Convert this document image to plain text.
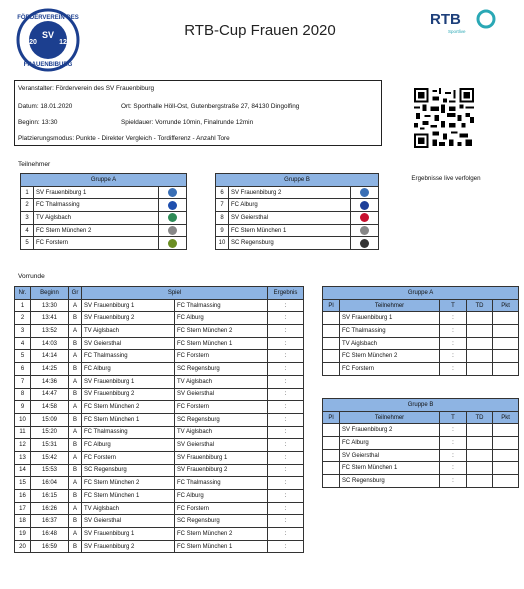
FÖRDERVEREIN DES
20
SV
12
FRAUENBIBURG
RTB-Cup Frauen 2020
RTB
Sportlive
Veranstalter: Förderverein des SV Frauenbiburg
Datum: 18.01.2020	Ort: Sporthalle Höll-Ost, Gutenbergstraße 27, 84130 Dingolfing
Beginn: 13:30	Spieldauer: Vorrunde 10min, Finalrunde 12min
Platzierungsmodus: Punkte - Direkter Vergleich - Tordifferenz - Anzahl Tore
Ergebnisse live verfolgen
Teilnehmer
Gruppe A		
1	SV Frauenbiburg 1	
2	FC Thalmassing	
3	TV Aiglsbach	
4	FC Stern München 2	
5	FC Forstern	
Gruppe B		
6	SV Frauenbiburg 2	
7	FC Alburg	
8	SV Geiersthal	
9	FC Stern München 1	
10	SC Regensburg	
Vorrunde
Nr.	Beginn	Gr	Spiel		Ergebnis
1	13:30	A	SV Frauenbiburg 1	FC Thalmassing	:
2	13:41	B	SV Frauenbiburg 2	FC Alburg	:
3	13:52	A	TV Aiglsbach	FC Stern München 2	:
4	14:03	B	SV Geiersthal	FC Stern München 1	:
5	14:14	A	FC Thalmassing	FC Forstern	:
6	14:25	B	FC Alburg	SC Regensburg	:
7	14:36	A	SV Frauenbiburg 1	TV Aiglsbach	:
8	14:47	B	SV Frauenbiburg 2	SV Geiersthal	:
9	14:58	A	FC Stern München 2	FC Forstern	:
10	15:09	B	FC Stern München 1	SC Regensburg	:
11	15:20	A	FC Thalmassing	TV Aiglsbach	:
12	15:31	B	FC Alburg	SV Geiersthal	:
13	15:42	A	FC Forstern	SV Frauenbiburg 1	:
14	15:53	B	SC Regensburg	SV Frauenbiburg 2	:
15	16:04	A	FC Stern München 2	FC Thalmassing	:
16	16:15	B	FC Stern München 1	FC Alburg	:
17	16:26	A	TV Aiglsbach	FC Forstern	:
18	16:37	B	SV Geiersthal	SC Regensburg	:
19	16:48	A	SV Frauenbiburg 1	FC Stern München 2	:
20	16:59	B	SV Frauenbiburg 2	FC Stern München 1	:
Gruppe A				
Pl	Teilnehmer	T	TD	Pkt
	SV Frauenbiburg 1	:		
	FC Thalmassing	:		
	TV Aiglsbach	:		
	FC Stern München 2	:		
	FC Forstern	:		
Gruppe B				
Pl	Teilnehmer	T	TD	Pkt
	SV Frauenbiburg 2	:		
	FC Alburg	:		
	SV Geiersthal	:		
	FC Stern München 1	:		
	SC Regensburg	:		
